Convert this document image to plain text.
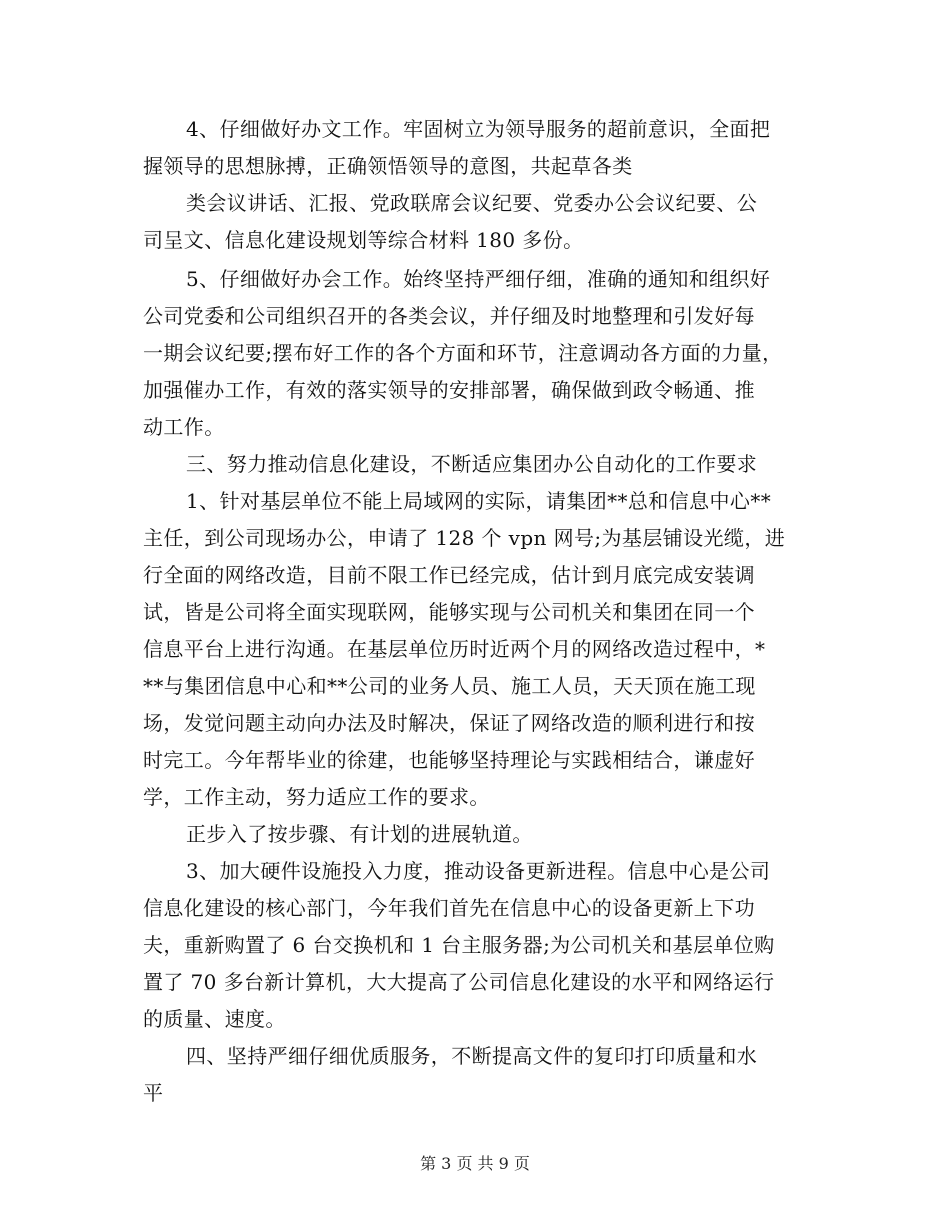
4、仔细做好办文工作。牢固树立为领导服务的超前意识，全面把
握领导的思想脉搏，正确领悟领导的意图，共起草各类
类会议讲话、汇报、党政联席会议纪要、党委办公会议纪要、公
司呈文、信息化建设规划等综合材料 180 多份。
5、仔细做好办会工作。始终坚持严细仔细，准确的通知和组织好
公司党委和公司组织召开的各类会议，并仔细及时地整理和引发好每
一期会议纪要;摆布好工作的各个方面和环节，注意调动各方面的力量，
加强催办工作，有效的落实领导的安排部署，确保做到政令畅通、推
动工作。
三、努力推动信息化建设，不断适应集团办公自动化的工作要求
1、针对基层单位不能上局域网的实际，请集团**总和信息中心**
主任，到公司现场办公，申请了 128 个 vpn 网号;为基层铺设光缆，进
行全面的网络改造，目前不限工作已经完成，估计到月底完成安装调
试，皆是公司将全面实现联网，能够实现与公司机关和集团在同一个
信息平台上进行沟通。在基层单位历时近两个月的网络改造过程中，*
**与集团信息中心和**公司的业务人员、施工人员，天天顶在施工现
场，发觉问题主动向办法及时解决，保证了网络改造的顺利进行和按
时完工。今年帮毕业的徐建，也能够坚持理论与实践相结合，谦虚好
学，工作主动，努力适应工作的要求。
正步入了按步骤、有计划的进展轨道。
3、加大硬件设施投入力度，推动设备更新进程。信息中心是公司
信息化建设的核心部门，今年我们首先在信息中心的设备更新上下功
夫，重新购置了 6 台交换机和 1 台主服务器;为公司机关和基层单位购
置了 70 多台新计算机，大大提高了公司信息化建设的水平和网络运行
的质量、速度。
四、坚持严细仔细优质服务，不断提高文件的复印打印质量和水
平
第 3 页 共 9 页
